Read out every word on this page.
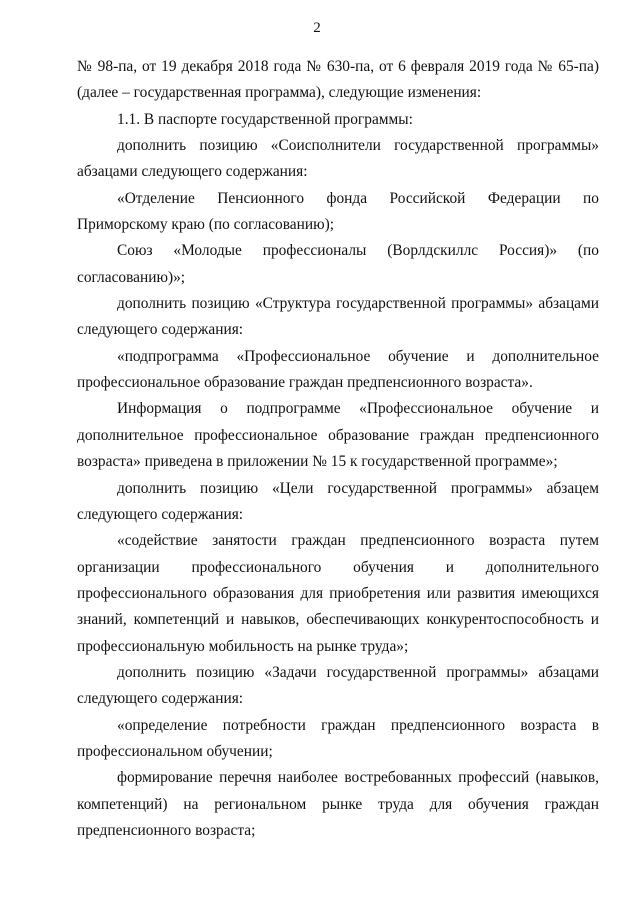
2

№ 98-па, от 19 декабря 2018 года № 630-па, от 6 февраля 2019 года № 65-па) (далее – государственная программа), следующие изменения:

1.1. В паспорте государственной программы:

дополнить позицию «Соисполнители государственной программы» абзацами следующего содержания:

«Отделение Пенсионного фонда Российской Федерации по Приморскому краю (по согласованию);

Союз «Молодые профессионалы (Ворлдскиллс Россия)» (по согласованию)»;

дополнить позицию «Структура государственной программы» абзацами следующего содержания:

«подпрограмма «Профессиональное обучение и дополнительное профессиональное образование граждан предпенсионного возраста».

Информация о подпрограмме «Профессиональное обучение и дополнительное профессиональное образование граждан предпенсионного возраста» приведена в приложении № 15 к государственной программе»;

дополнить позицию «Цели государственной программы» абзацем следующего содержания:

«содействие занятости граждан предпенсионного возраста путем организации профессионального обучения и дополнительного профессионального образования для приобретения или развития имеющихся знаний, компетенций и навыков, обеспечивающих конкурентоспособность и профессиональную мобильность на рынке труда»;

дополнить позицию «Задачи государственной программы» абзацами следующего содержания:

«определение потребности граждан предпенсионного возраста в профессиональном обучении;

формирование перечня наиболее востребованных профессий (навыков, компетенций) на региональном рынке труда для обучения граждан предпенсионного возраста;
